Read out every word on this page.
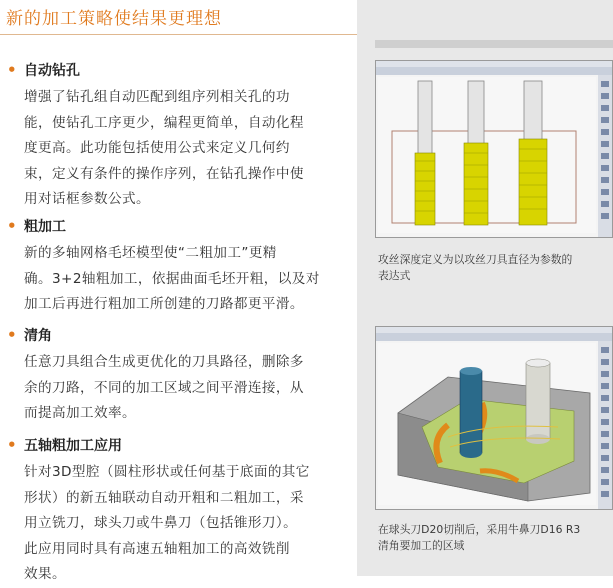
新的加工策略使结果更理想
• 自动钻孔
增强了钻孔组自动匹配到组序列相关孔的功
能，使钻孔工序更少，编程更简单，自动化程
度更高。此功能包括使用公式来定义几何约
束，定义有条件的操作序列，在钻孔操作中使
用对话框参数公式。
• 粗加工
新的多轴网格毛坯模型使“二粗加工”更精
确。3+2轴粗加工，依据曲面毛坯开粗，以及对
加工后再进行粗加工所创建的刀路都更平滑。
• 清角
任意刀具组合生成更优化的刀具路径，删除多
余的刀路，不同的加工区域之间平滑连接，从
而提高加工效率。
• 五轴粗加工应用
针对3D型腔（圆柱形状或任何基于底面的其它
形状）的新五轴联动自动开粗和二粗加工，采
用立铣刀，球头刀或牛鼻刀（包括锥形刀）。
此应用同时具有高速五轴粗加工的高效铣削
效果。
攻丝深度定义为以攻丝刀具直径为参数的
表达式
在球头刀D20切削后，采用牛鼻刀D16 R3
清角要加工的区域
